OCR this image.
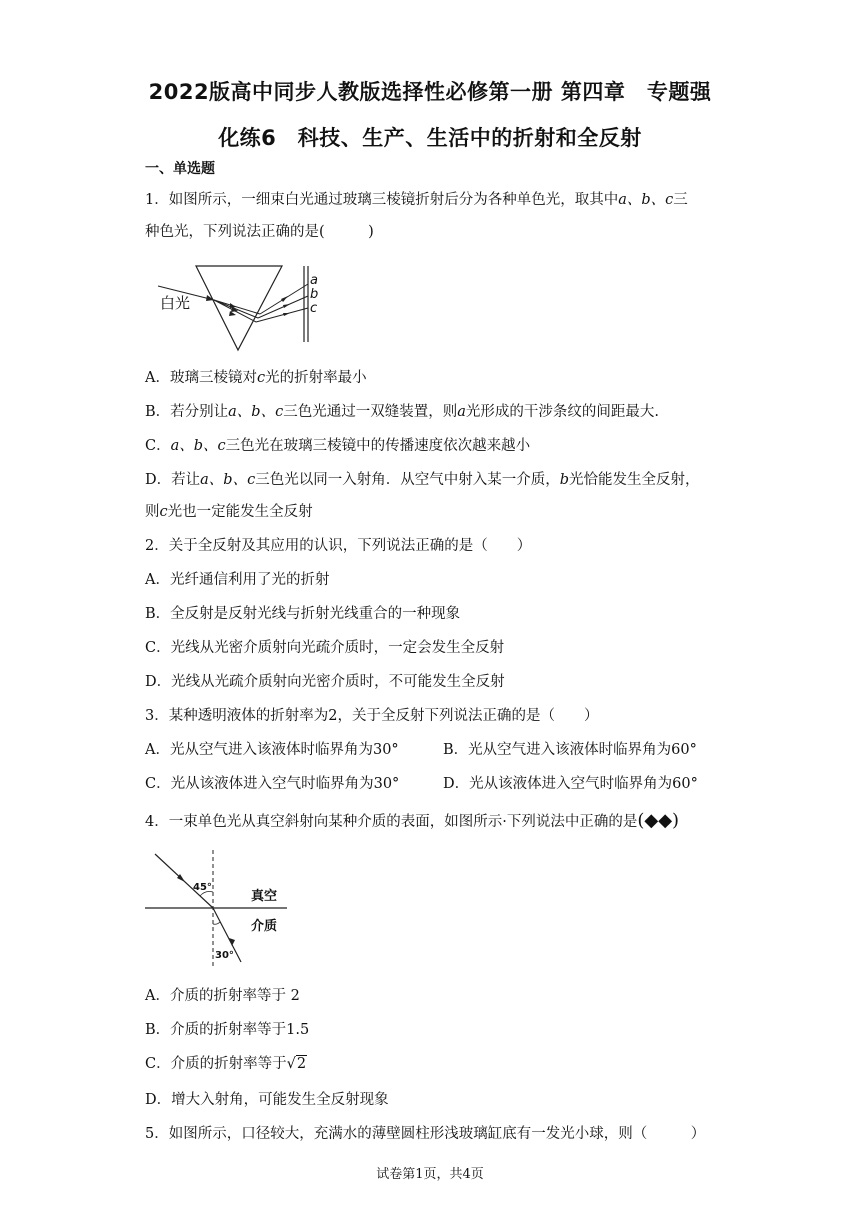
2022版高中同步人教版选择性必修第一册 第四章　专题强
化练6　科技、生产、生活中的折射和全反射
一、单选题
1．如图所示，一细束白光通过玻璃三棱镜折射后分为各种单色光，取其中a、b、c三
种色光，下列说法正确的是(　　　)
白光
a
b
c
A．玻璃三棱镜对c光的折射率最小
B．若分别让a、b、c三色光通过一双缝装置，则a光形成的干涉条纹的间距最大.
C．a、b、c三色光在玻璃三棱镜中的传播速度依次越来越小
D．若让a、b、c三色光以同一入射角．从空气中射入某一介质，b光恰能发生全反射，
则c光也一定能发生全反射
2．关于全反射及其应用的认识，下列说法正确的是（　　）
A．光纤通信利用了光的折射
B．全反射是反射光线与折射光线重合的一种现象
C．光线从光密介质射向光疏介质时，一定会发生全反射
D．光线从光疏介质射向光密介质时，不可能发生全反射
3．某种透明液体的折射率为2，关于全反射下列说法正确的是（　　）
A．光从空气进入该液体时临界角为30°	B．光从空气进入该液体时临界角为60°
C．光从该液体进入空气时临界角为30°	D．光从该液体进入空气时临界角为60°
4．一束单色光从真空斜射向某种介质的表面，如图所示·下列说法中正确的是(◆◆)
45°
30°
真空
介质
A．介质的折射率等于 2
B．介质的折射率等于1.5
C．介质的折射率等于√2
D．增大入射角，可能发生全反射现象
5．如图所示，口径较大，充满水的薄壁圆柱形浅玻璃缸底有一发光小球，则（　　　）
试卷第1页，共4页
